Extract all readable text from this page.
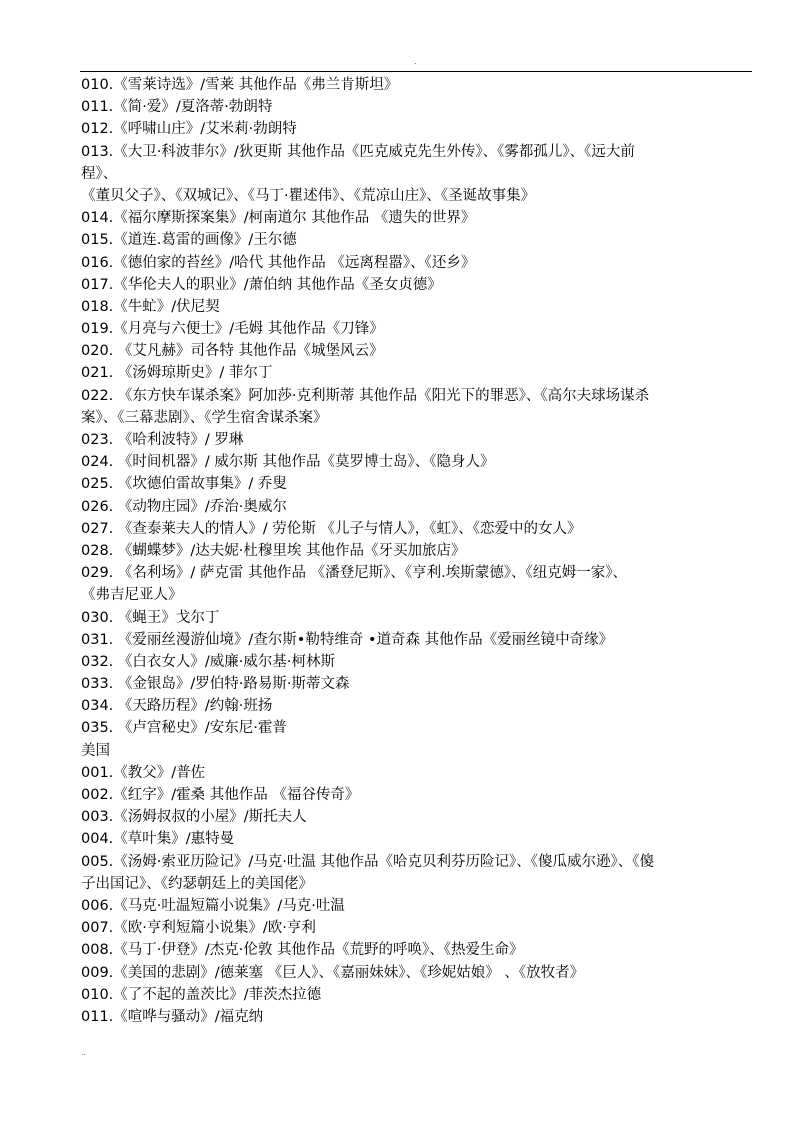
.
010.《雪莱诗选》/雪莱 其他作品《弗兰肯斯坦》
011.《简·爱》/夏洛蒂·勃朗特
012.《呼啸山庄》/艾米莉·勃朗特
013.《大卫·科波菲尔》/狄更斯 其他作品《匹克威克先生外传》、《雾都孤儿》、《远大前
程》、
《董贝父子》、《双城记》、《马丁·瞿述伟》、《荒凉山庄》、《圣诞故事集》
014.《福尔摩斯探案集》/柯南道尔 其他作品 《遗失的世界》
015.《道连.葛雷的画像》/王尔德
016.《德伯家的苔丝》/哈代 其他作品 《远离程嚣》、《还乡》
017.《华伦夫人的职业》/萧伯纳 其他作品《圣女贞德》
018.《牛虻》/伏尼契
019.《月亮与六便士》/毛姆 其他作品《刀锋》
020. 《艾凡赫》司各特 其他作品《城堡风云》
021. 《汤姆琼斯史》/ 菲尔丁
022. 《东方快车谋杀案》阿加莎·克利斯蒂 其他作品《阳光下的罪恶》、《高尔夫球场谋杀
案》、《三幕悲剧》、《学生宿舍谋杀案》
023. 《哈利波特》/ 罗琳
024. 《时间机器》/ 威尔斯 其他作品《莫罗博士岛》、《隐身人》
025. 《坎德伯雷故事集》/ 乔叟
026. 《动物庄园》/乔治·奥威尔
027. 《查泰莱夫人的情人》/ 劳伦斯 《儿子与情人》，《虹》、《恋爱中的女人》
028. 《蝴蝶梦》/达夫妮·杜穆里埃 其他作品《牙买加旅店》
029. 《名利场》/ 萨克雷 其他作品 《潘登尼斯》、《亨利.埃斯蒙德》、《纽克姆一家》、
《弗吉尼亚人》
030. 《蝇王》戈尔丁
031. 《爱丽丝漫游仙境》/查尔斯•勒特维奇 •道奇森 其他作品《爱丽丝镜中奇缘》
032. 《白衣女人》/威廉·威尔基·柯林斯
033. 《金银岛》/罗伯特·路易斯·斯蒂文森
034. 《天路历程》/约翰·班扬
035. 《卢宫秘史》/安东尼·霍普
美国
001.《教父》/普佐
002.《红字》/霍桑 其他作品 《福谷传奇》
003.《汤姆叔叔的小屋》/斯托夫人
004.《草叶集》/惠特曼
005.《汤姆·索亚历险记》/马克·吐温 其他作品《哈克贝利芬历险记》、《傻瓜威尔逊》、《傻
子出国记》、《约瑟朝廷上的美国佬》
006.《马克·吐温短篇小说集》/马克·吐温
007.《欧·亨利短篇小说集》/欧·亨利
008.《马丁·伊登》/杰克·伦敦 其他作品《荒野的呼唤》、《热爱生命》
009.《美国的悲剧》/德莱塞 《巨人》、《嘉丽妹妹》、《珍妮姑娘》 、《放牧者》
010.《了不起的盖茨比》/菲茨杰拉德
011.《喧哗与骚动》/福克纳
..
